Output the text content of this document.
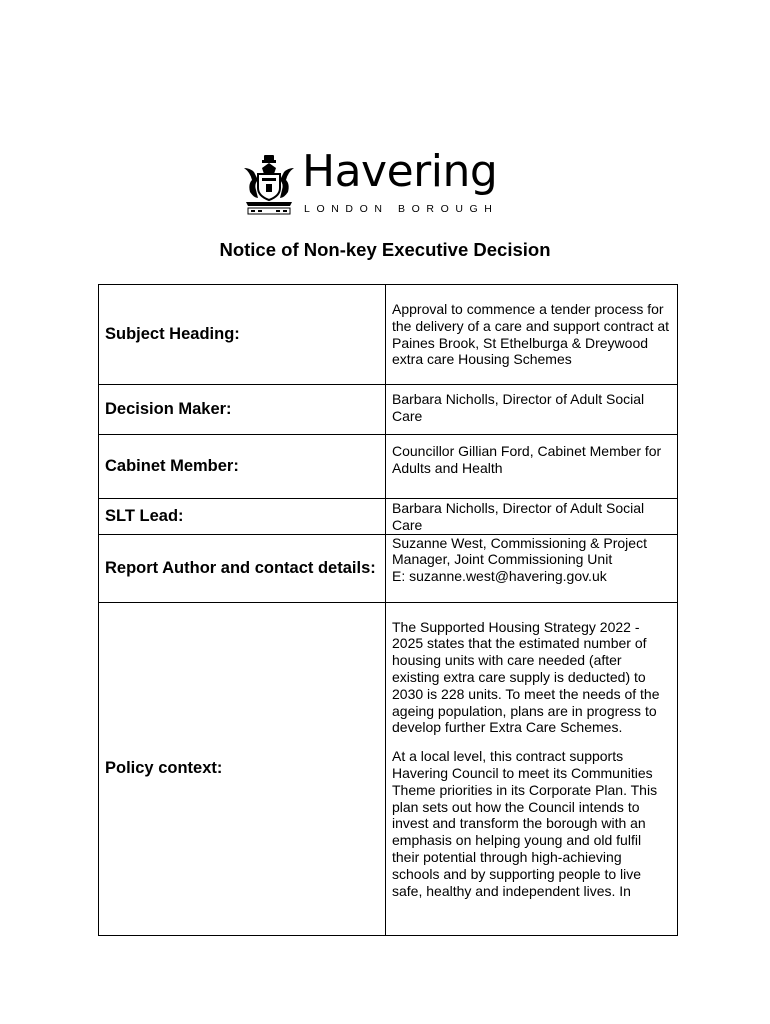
Havering
LONDON BOROUGH
Notice of Non-key Executive Decision
Subject Heading:	Approval to commence a tender process for the delivery of a care and support contract at Paines Brook, St Ethelburga & Dreywood extra care Housing Schemes
Decision Maker:	Barbara Nicholls, Director of Adult Social Care
Cabinet Member:	Councillor Gillian Ford, Cabinet Member for Adults and Health
SLT Lead:	Barbara Nicholls, Director of Adult Social Care
Report Author and contact details:	Suzanne West, Commissioning & Project Manager, Joint Commissioning Unit
E: suzanne.west@havering.gov.uk

Policy context:	The Supported Housing Strategy 2022 - 2025 states that the estimated number of housing units with care needed (after existing extra care supply is deducted) to 2030 is 228 units. To meet the needs of the ageing population, plans are in progress to develop further Extra Care Schemes.

At a local level, this contract supports Havering Council to meet its Communities Theme priorities in its Corporate Plan. This plan sets out how the Council intends to invest and transform the borough with an emphasis on helping young and old fulfil their potential through high-achieving schools and by supporting people to live safe, healthy and independent lives. In
